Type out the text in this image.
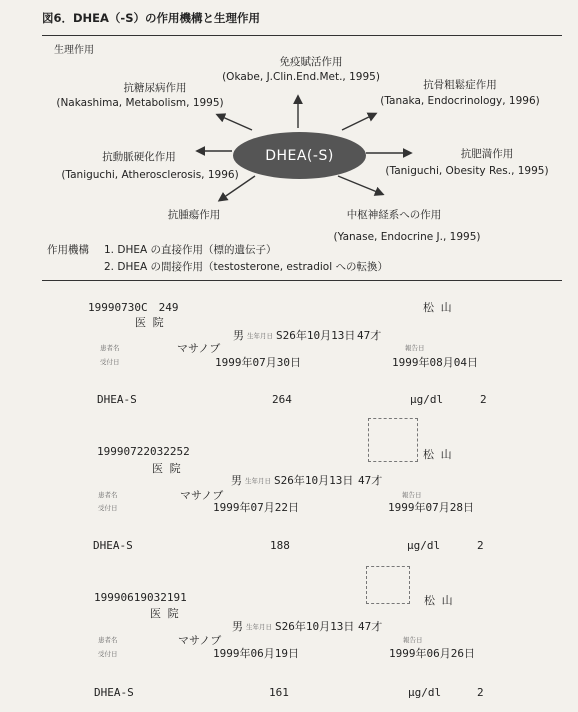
図6．DHEA（-S）の作用機構と生理作用
生理作用
DHEA(-S)
免疫賦活作用
(Okabe, J.Clin.End.Met., 1995)
抗糖尿病作用
(Nakashima, Metabolism, 1995)
抗骨粗鬆症作用
(Tanaka, Endocrinology, 1996)
抗動脈硬化作用
(Taniguchi, Atherosclerosis, 1996)
抗肥満作用
(Taniguchi, Obesity Res., 1995)
抗腫瘍作用	中枢神経系への作用
(Yanase, Endocrine J., 1995)
作用機構 1. DHEA の直接作用（標的遺伝子）
2. DHEA の間接作用（testosterone, estradiol への転換）
19990730C　249	松 山
医 院
男 生年月日 S26年10月13日 47才
患者名	マサノブ	報告日
受付日	1999年07月30日	1999年08月04日
DHEA-S	264	μg/dl	2
19990722032252	松 山
医 院
男 生年月日 S26年10月13日 47才
患者名	マサノブ	報告日
受付日	1999年07月22日	1999年07月28日
DHEA-S	188	μg/dl	2
19990619032191	松 山
医 院
男 生年月日 S26年10月13日 47才
患者名	マサノブ	報告日
受付日	1999年06月19日	1999年06月26日
DHEA-S	161	μg/dl	2
